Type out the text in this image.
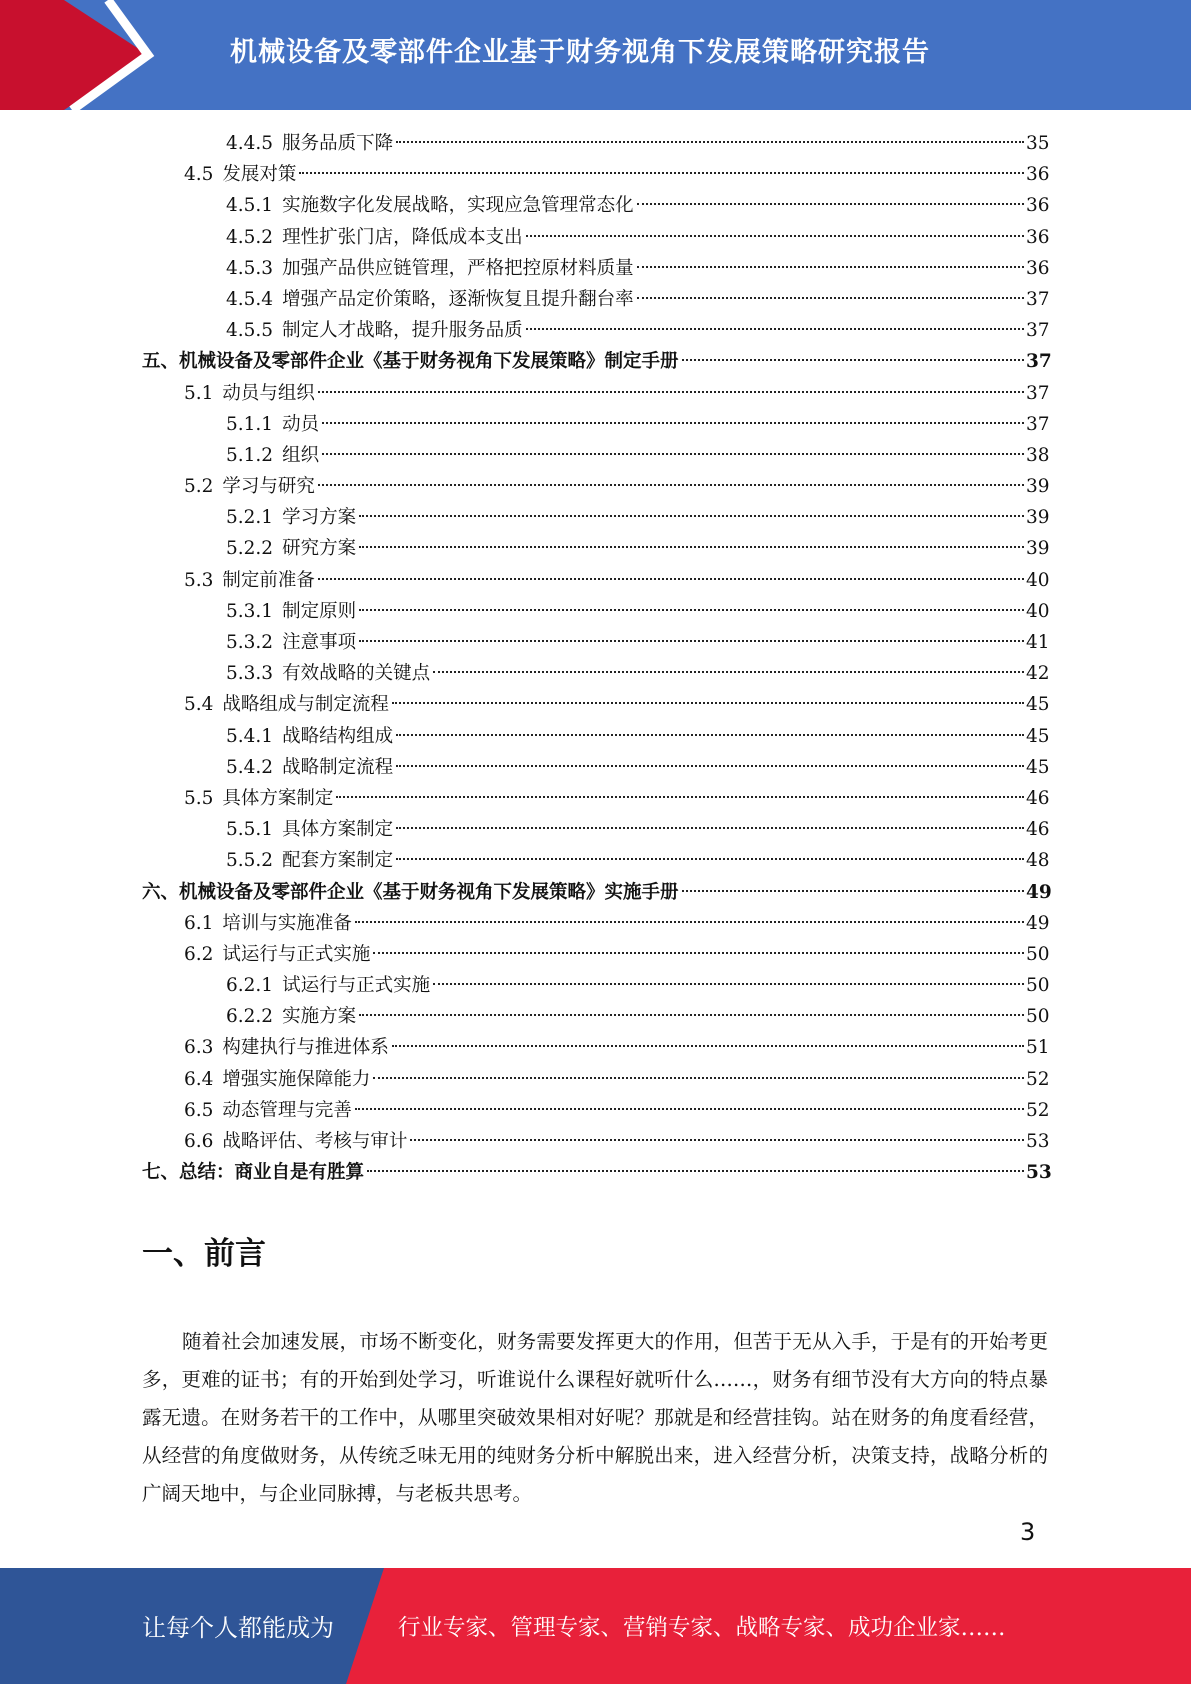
机械设备及零部件企业基于财务视角下发展策略研究报告
4.4.5 服务品质下降	35
4.5 发展对策	36
4.5.1 实施数字化发展战略，实现应急管理常态化	36
4.5.2 理性扩张门店，降低成本支出	36
4.5.3 加强产品供应链管理，严格把控原材料质量	36
4.5.4 增强产品定价策略，逐渐恢复且提升翻台率	37
4.5.5 制定人才战略，提升服务品质	37
五、 机械设备及零部件企业《基于财务视角下发展策略》制定手册	37
5.1 动员与组织	37
5.1.1 动员	37
5.1.2 组织	38
5.2 学习与研究	39
5.2.1 学习方案	39
5.2.2 研究方案	39
5.3 制定前准备	40
5.3.1 制定原则	40
5.3.2 注意事项	41
5.3.3 有效战略的关键点	42
5.4 战略组成与制定流程	45
5.4.1 战略结构组成	45
5.4.2 战略制定流程	45
5.5 具体方案制定	46
5.5.1 具体方案制定	46
5.5.2 配套方案制定	48
六、 机械设备及零部件企业《基于财务视角下发展策略》实施手册	49
6.1 培训与实施准备	49
6.2 试运行与正式实施	50
6.2.1 试运行与正式实施	50
6.2.2 实施方案	50
6.3 构建执行与推进体系	51
6.4 增强实施保障能力	52
6.5 动态管理与完善	52
6.6 战略评估、考核与审计	53
七、 总结：商业自是有胜算	53
一、前言
随着社会加速发展，市场不断变化，财务需要发挥更大的作用，但苦于无从入手，于是有的开始考更多，更难的证书；有的开始到处学习，听谁说什么课程好就听什么……，财务有细节没有大方向的特点暴露无遗。在财务若干的工作中，从哪里突破效果相对好呢？那就是和经营挂钩。站在财务的角度看经营，从经营的角度做财务，从传统乏味无用的纯财务分析中解脱出来，进入经营分析，决策支持，战略分析的广阔天地中，与企业同脉搏，与老板共思考。
3
让每个人都能成为	行业专家、管理专家、营销专家、战略专家、成功企业家……
